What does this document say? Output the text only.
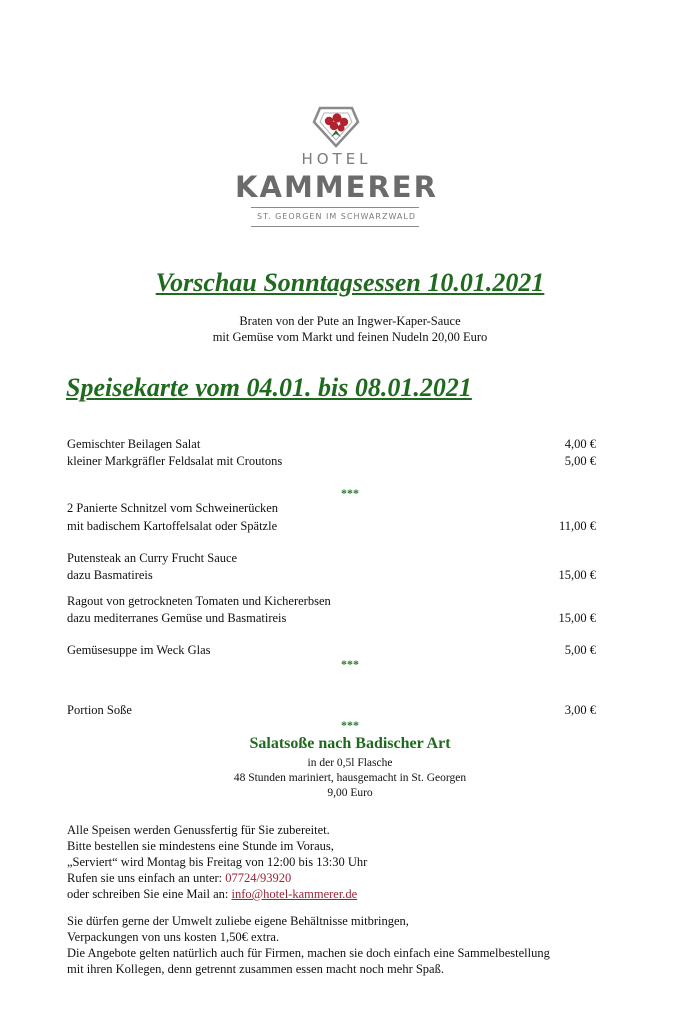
HOTEL
KAMMERER
ST. GEORGEN IM SCHWARZWALD
Vorschau Sonntagsessen 10.01.2021
Braten von der Pute an Ingwer-Kaper-Sauce
mit Gemüse vom Markt und feinen Nudeln 20,00 Euro
Speisekarte vom 04.01. bis 08.01.2021
Gemischter Beilagen Salat	4,00 €
kleiner Markgräfler Feldsalat mit Croutons	5,00 €
***
2 Panierte Schnitzel vom Schweinerücken
mit badischem Kartoffelsalat oder Spätzle	11,00 €
Putensteak an Curry Frucht Sauce
dazu Basmatireis	15,00 €
Ragout von getrockneten Tomaten und Kichererbsen
dazu mediterranes Gemüse und Basmatireis	15,00 €
Gemüsesuppe im Weck Glas	5,00 €
***
Portion Soße	3,00 €
***
Salatsoße nach Badischer Art
in der 0,5l Flasche
48 Stunden mariniert, hausgemacht in St. Georgen
9,00 Euro
Alle Speisen werden Genussfertig für Sie zubereitet.
Bitte bestellen sie mindestens eine Stunde im Voraus,
„Serviert“ wird Montag bis Freitag von 12:00 bis 13:30 Uhr
Rufen sie uns einfach an unter: 07724/93920
oder schreiben Sie eine Mail an: info@hotel-kammerer.de
Sie dürfen gerne der Umwelt zuliebe eigene Behältnisse mitbringen,
Verpackungen von uns kosten 1,50€ extra.
Die Angebote gelten natürlich auch für Firmen, machen sie doch einfach eine Sammelbestellung
mit ihren Kollegen, denn getrennt zusammen essen macht noch mehr Spaß.
